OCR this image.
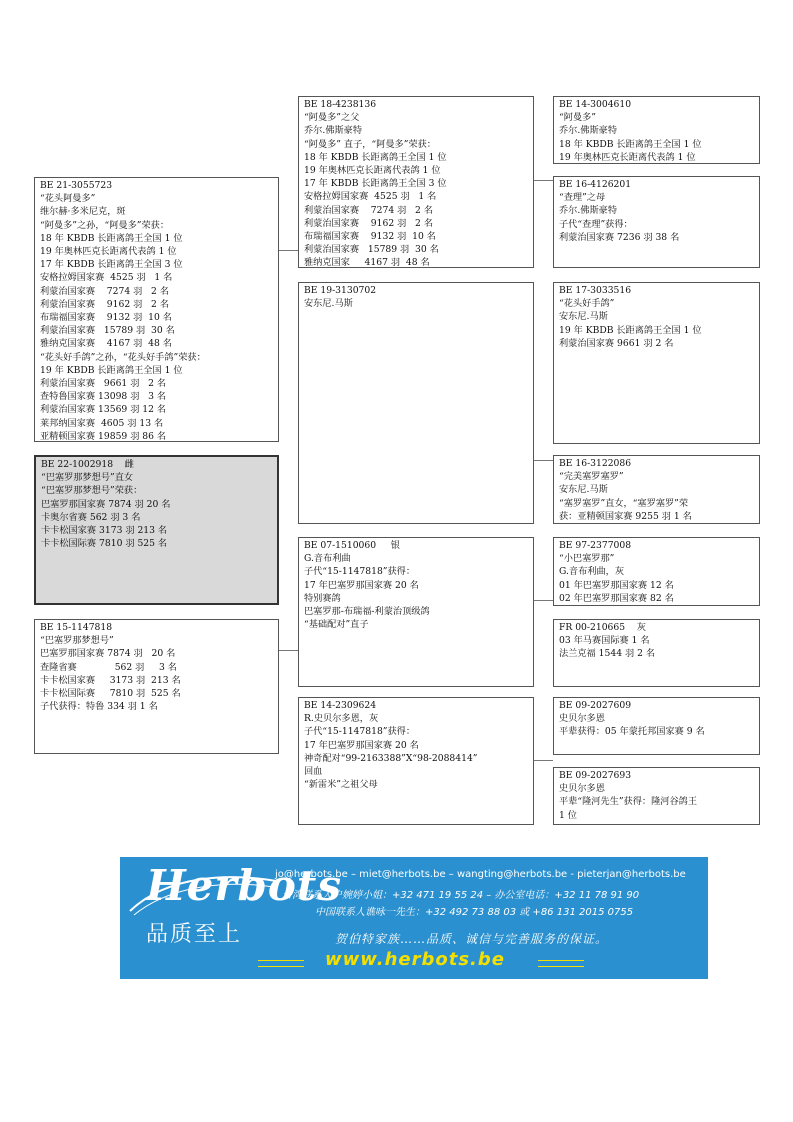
BE 21-3055723
“花头阿曼多”
维尔赫·多米尼克，斑
“阿曼多”之孙，“阿曼多”荣获：
18 年 KBDB 长距离鸽王全国 1 位
19 年奥林匹克长距离代表鸽 1 位
17 年 KBDB 长距离鸽王全国 3 位
安格拉姆国家赛  4525 羽   1 名
利蒙治国家赛    7274 羽   2 名
利蒙治国家赛    9162 羽   2 名
布瑞福国家赛    9132 羽  10 名
利蒙治国家赛   15789 羽  30 名
雅纳克国家赛    4167 羽  48 名
“花头好手鸽”之孙，“花头好手鸽”荣获：
19 年 KBDB 长距离鸽王全国 1 位
利蒙治国家赛   9661 羽   2 名
查特鲁国家赛 13098 羽   3 名
利蒙治国家赛 13569 羽 12 名
莱邦纳国家赛  4605 羽 13 名
亚精顿国家赛 19859 羽 86 名
BE 22-1002918    雌
“巴塞罗那梦想号”直女
“巴塞罗那梦想号”荣获：
巴塞罗那国家赛 7874 羽 20 名
卡奥尔省赛 562 羽 3 名
卡卡松国家赛 3173 羽 213 名
卡卡松国际赛 7810 羽 525 名
BE 15-1147818
“巴塞罗那梦想号”
巴塞罗那国家赛 7874 羽   20 名
查隆省赛             562 羽     3 名
卡卡松国家赛     3173 羽  213 名
卡卡松国际赛     7810 羽  525 名
子代获得：特鲁 334 羽 1 名
BE 18-4238136
“阿曼多”之父
乔尔.佛斯豪特
“阿曼多” 直子，“阿曼多”荣获：
18 年 KBDB 长距离鸽王全国 1 位
19 年奥林匹克长距离代表鸽 1 位
17 年 KBDB 长距离鸽王全国 3 位
安格拉姆国家赛  4525 羽   1 名
利蒙治国家赛    7274 羽   2 名
利蒙治国家赛    9162 羽   2 名
布瑞福国家赛    9132 羽  10 名
利蒙治国家赛   15789 羽  30 名
雅纳克国家     4167 羽  48 名
BE 19-3130702
安东尼.马斯
BE 07-1510060     银
G.音布利曲
子代“15-1147818”获得：
17 年巴塞罗那国家赛 20 名
特别赛鸽
巴塞罗那-布瑞福-利蒙治顶级鸽
“基础配对”直子
BE 14-2309624
R.史贝尔多恩，灰
子代“15-1147818”获得：
17 年巴塞罗那国家赛 20 名
神奇配对“99-2163388”X“98-2088414”
回血
“新雷米”之祖父母
BE 14-3004610
“阿曼多”
乔尔.佛斯豪特
18 年 KBDB 长距离鸽王全国 1 位
19 年奥林匹克长距离代表鸽 1 位
BE 16-4126201
“查理”之母
乔尔.佛斯豪特
子代“查理”获得：
利蒙治国家赛 7236 羽 38 名
BE 17-3033516
“花头好手鸽”
安东尼.马斯
19 年 KBDB 长距离鸽王全国 1 位
利蒙治国家赛 9661 羽 2 名
BE 16-3122086
“完美塞罗塞罗”
安东尼.马斯
“塞罗塞罗”直女，“塞罗塞罗”荣
获：亚精顿国家赛 9255 羽 1 名
BE 97-2377008
“小巴塞罗那”
G.音布利曲，灰
01 年巴塞罗那国家赛 12 名
02 年巴塞罗那国家赛 82 名
FR 00-210665    灰
03 年马赛国际赛 1 名
法兰克福 1544 羽 2 名
BE 09-2027609
史贝尔多恩
平辈获得：05 年蒙托邦国家赛 9 名
BE 09-2027693
史贝尔多恩
平辈“隆河先生”获得：隆河谷鸽王
1 位
Herbots
品质至上
jo@herbots.be – miet@herbots.be – wangting@herbots.be - pieterjan@herbots.be
台湾联系人户婉婷小姐：+32 471 19 55 24 – 办公室电话：+32 11 78 91 90
中国联系人谯咏一先生：+32 492 73 88 03 或 +86 131 2015 0755
贺伯特家族……品质、诚信与完善服务的保证。
www.herbots.be
